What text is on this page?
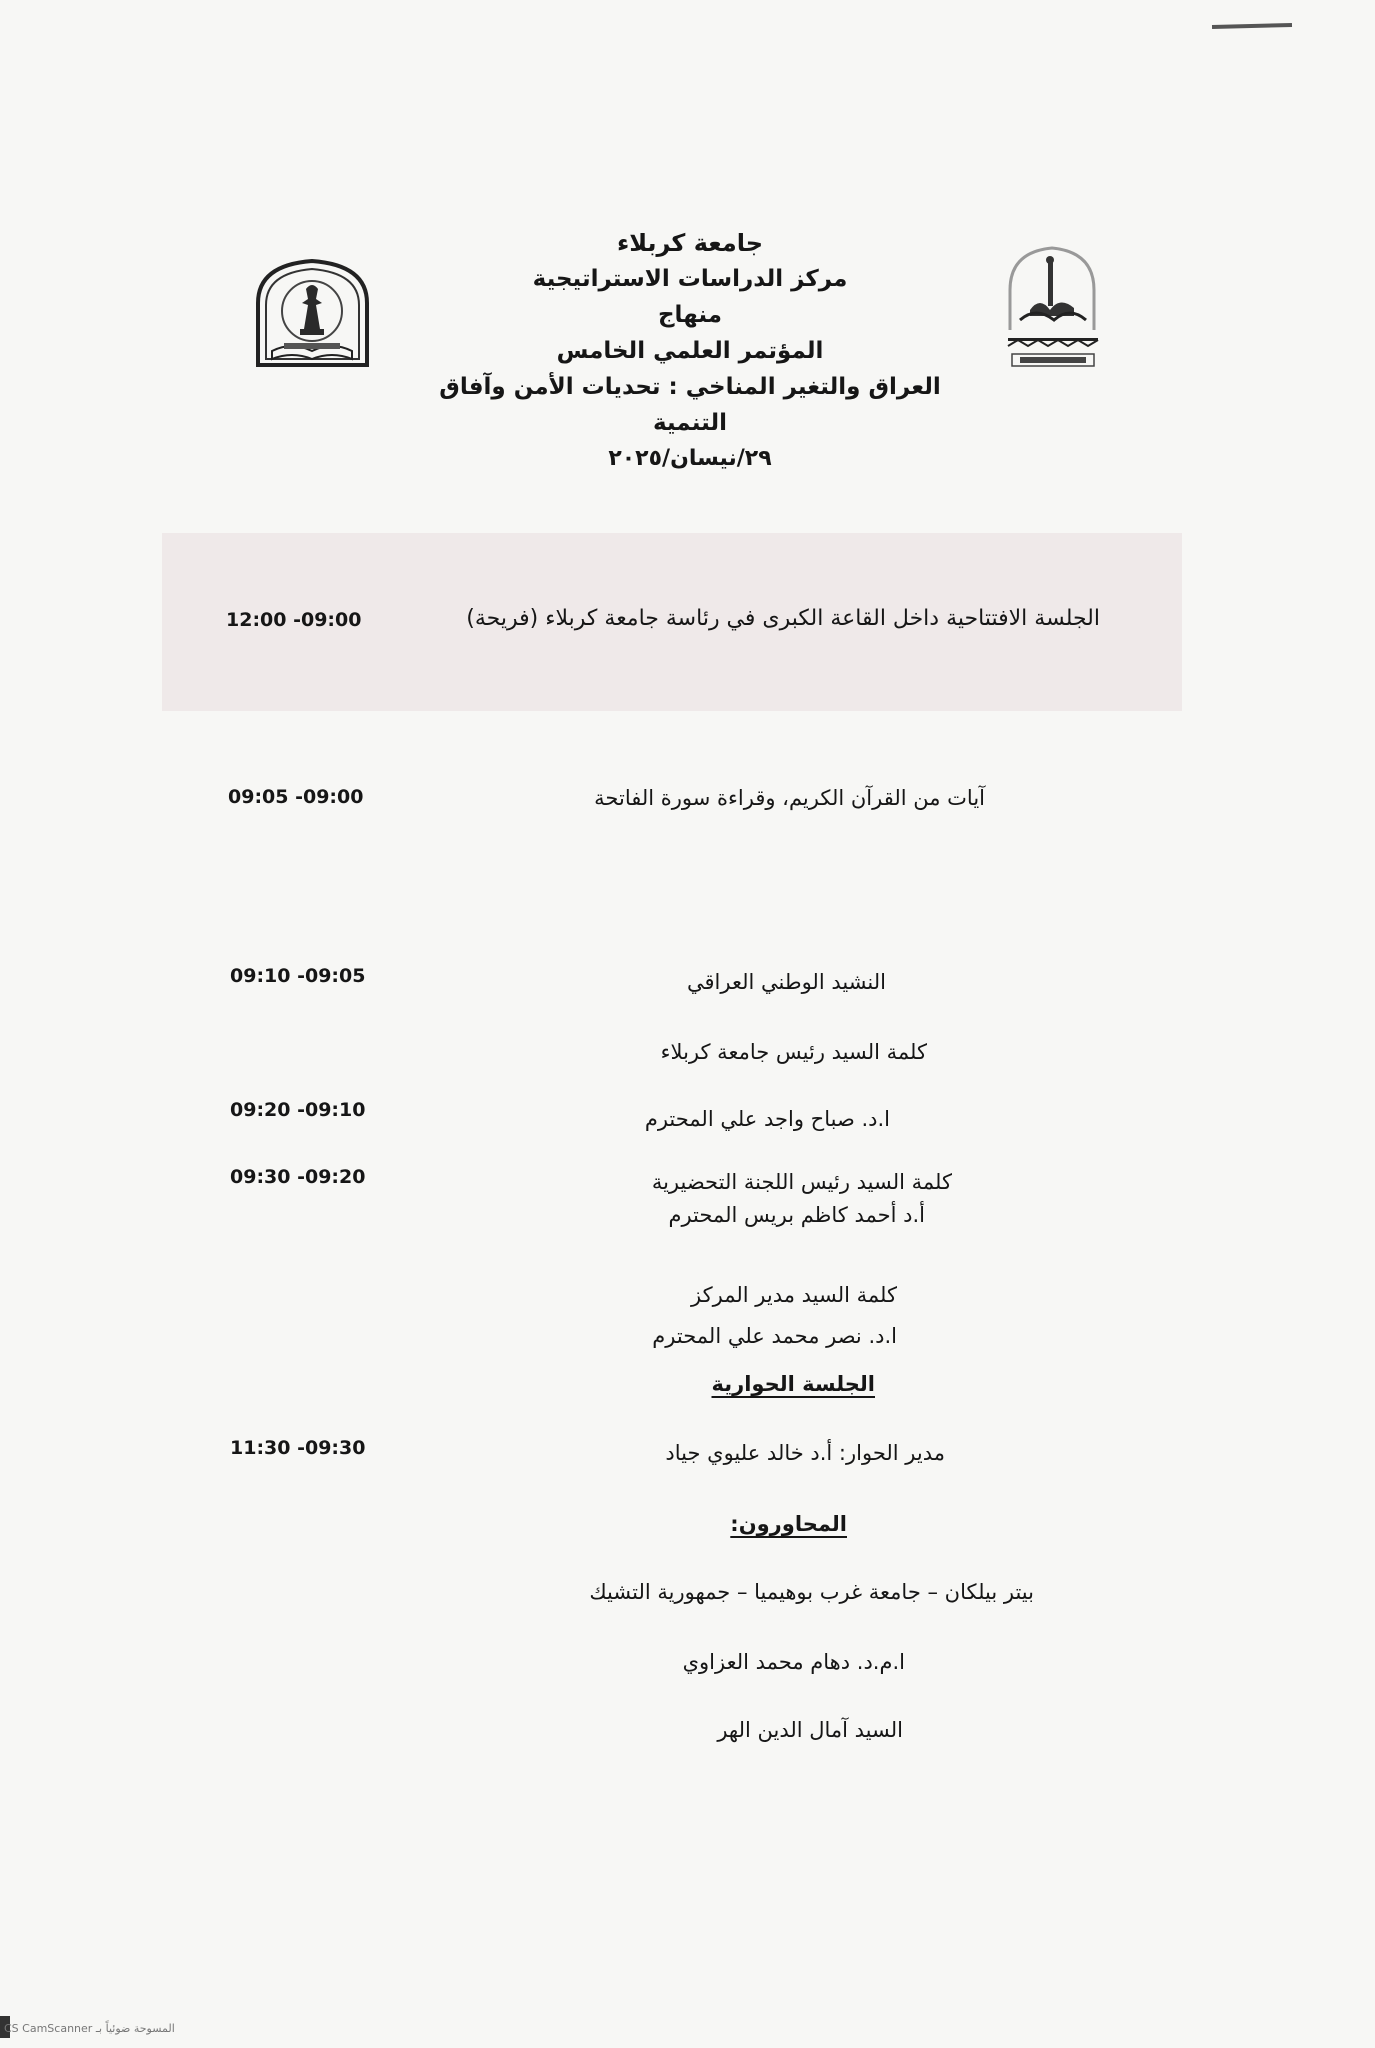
جامعة كربلاء
مركز الدراسات الاستراتيجية
منهاج
المؤتمر العلمي الخامس
العراق والتغير المناخي : تحديات الأمن وآفاق التنمية
٢٩/نيسان/٢٠٢٥
الجلسة الافتتاحية داخل القاعة الكبرى في رئاسة جامعة كربلاء (فريحة)
12:00 -09:00
آيات من القرآن الكريم، وقراءة سورة الفاتحة
09:05 -09:00
النشيد الوطني العراقي
09:10 -09:05
كلمة السيد رئيس جامعة كربلاء
ا.د. صباح واجد علي المحترم
09:20 -09:10
كلمة السيد رئيس اللجنة التحضيرية
أ.د أحمد كاظم بريس المحترم
09:30 -09:20
كلمة السيد مدير المركز
ا.د. نصر محمد علي المحترم
الجلسة الحوارية
مدير الحوار: أ.د خالد عليوي جياد
11:30 -09:30
المحاورون:
بيتر بيلكان – جامعة غرب بوهيميا – جمهورية التشيك
ا.م.د. دهام محمد العزاوي
السيد آمال الدين الهر
CS CamScanner المسوحة ضوئياً بـ
